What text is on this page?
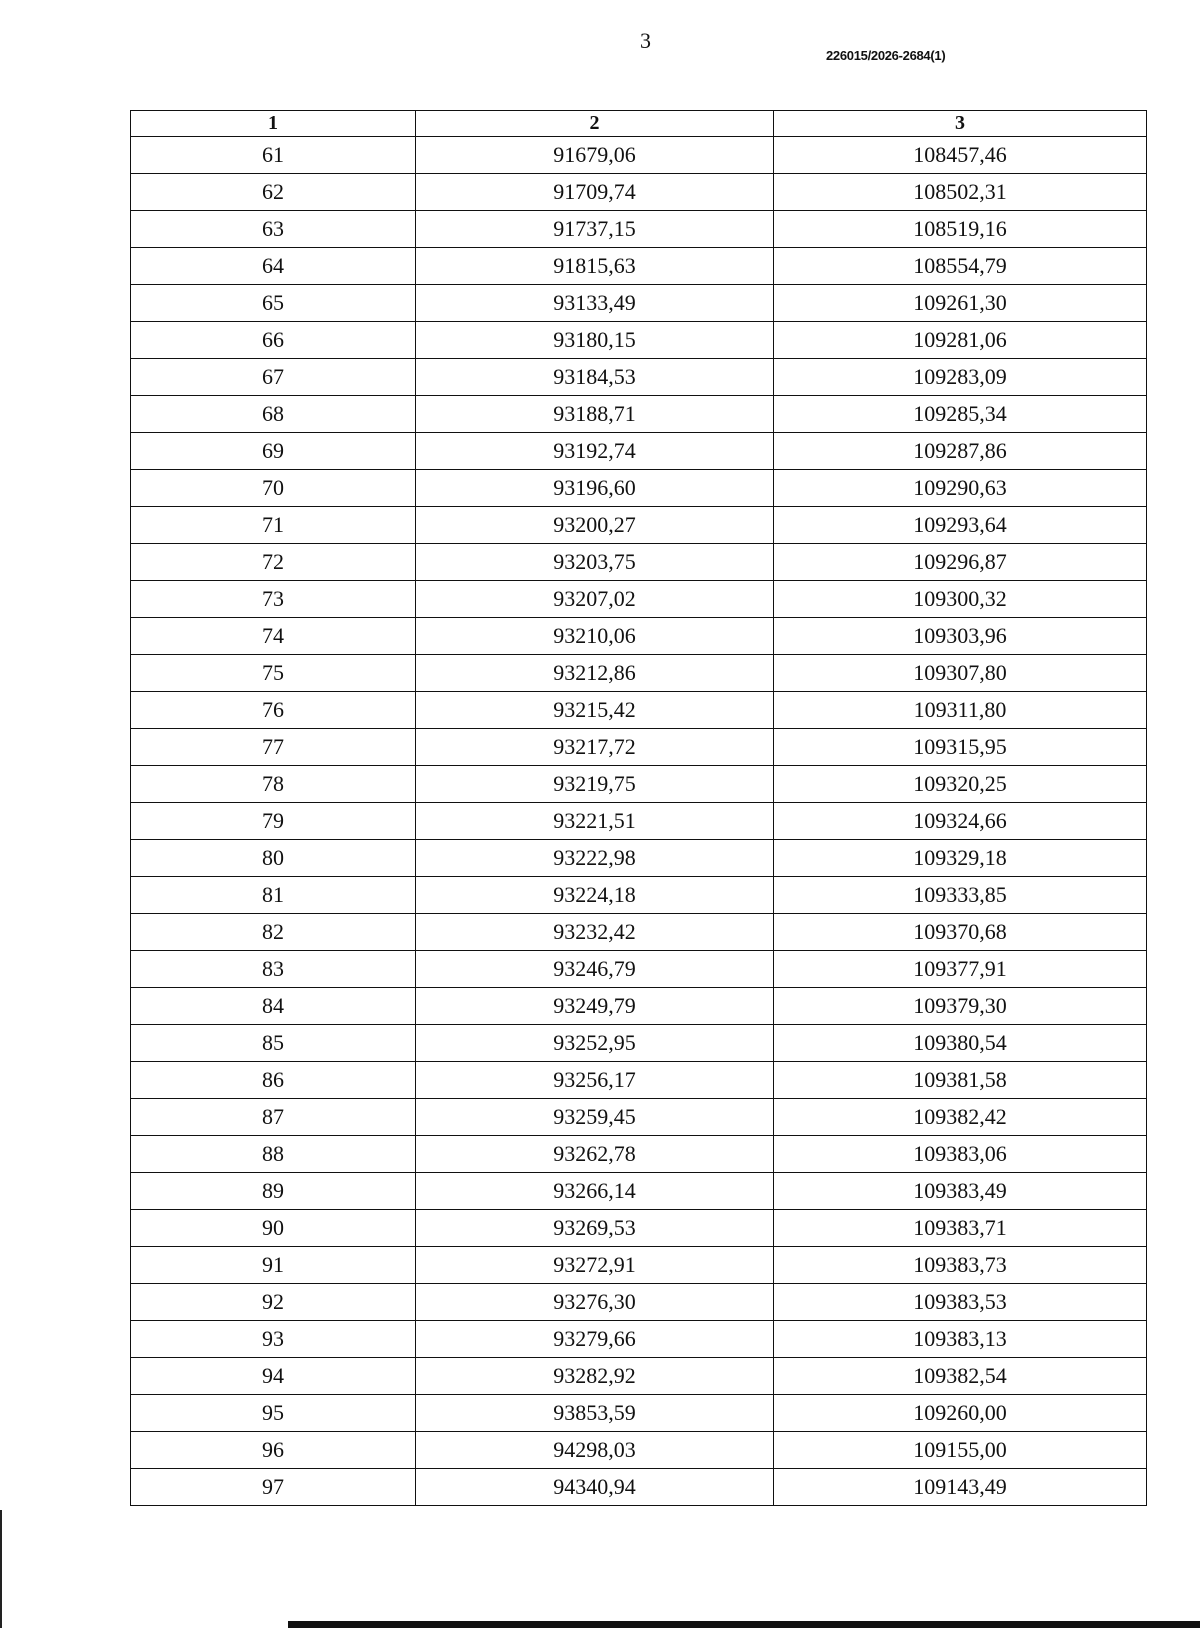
3
226015/2026-2684(1)
1	2	3
61	91679,06	108457,46
62	91709,74	108502,31
63	91737,15	108519,16
64	91815,63	108554,79
65	93133,49	109261,30
66	93180,15	109281,06
67	93184,53	109283,09
68	93188,71	109285,34
69	93192,74	109287,86
70	93196,60	109290,63
71	93200,27	109293,64
72	93203,75	109296,87
73	93207,02	109300,32
74	93210,06	109303,96
75	93212,86	109307,80
76	93215,42	109311,80
77	93217,72	109315,95
78	93219,75	109320,25
79	93221,51	109324,66
80	93222,98	109329,18
81	93224,18	109333,85
82	93232,42	109370,68
83	93246,79	109377,91
84	93249,79	109379,30
85	93252,95	109380,54
86	93256,17	109381,58
87	93259,45	109382,42
88	93262,78	109383,06
89	93266,14	109383,49
90	93269,53	109383,71
91	93272,91	109383,73
92	93276,30	109383,53
93	93279,66	109383,13
94	93282,92	109382,54
95	93853,59	109260,00
96	94298,03	109155,00
97	94340,94	109143,49
